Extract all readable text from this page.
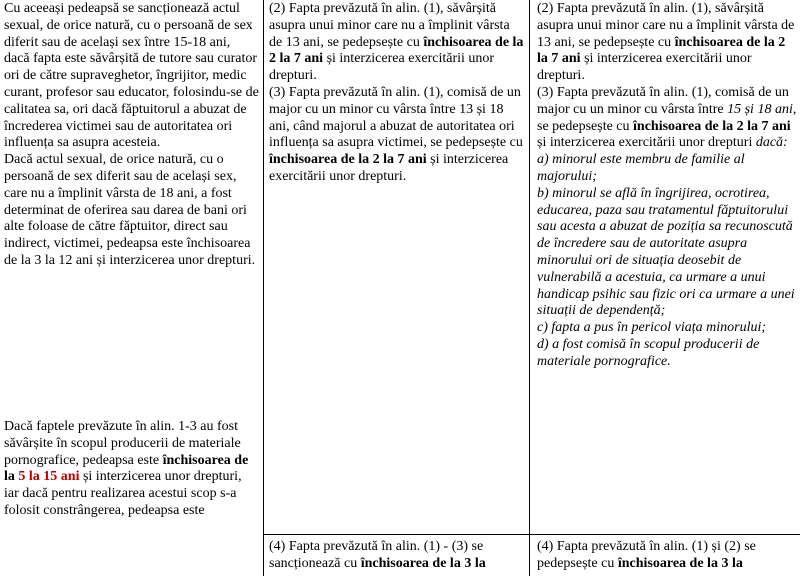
Cu aceeași pedeapsă se sancționează actul sexual, de orice natură, cu o persoană de sex diferit sau de același sex între 15-18 ani, dacă fapta este săvârșită de tutore sau curator ori de către supraveghetor, îngrijitor, medic curant, profesor sau educator, folosindu-se de calitatea sa, ori dacă făptuitorul a abuzat de încrederea victimei sau de autoritatea ori influența sa asupra acesteia.

Dacă actul sexual, de orice natură, cu o persoană de sex diferit sau de același sex, care nu a împlinit vârsta de 18 ani, a fost determinat de oferirea sau darea de bani ori alte foloase de către făptuitor, direct sau indirect, victimei, pedeapsa este închisoarea de la 3 la 12 ani și interzicerea unor drepturi.

Dacă faptele prevăzute în alin. 1-3 au fost săvârșite în scopul producerii de materiale pornografice, pedeapsa este închisoarea de la 5 la 15 ani și interzicerea unor drepturi, iar dacă pentru realizarea acestui scop s-a folosit constrângerea, pedeapsa este

(2) Fapta prevăzută în alin. (1), săvârșită asupra unui minor care nu a împlinit vârsta de 13 ani, se pedepsește cu închisoarea de la 2 la 7 ani și interzicerea exercitării unor drepturi.

(3) Fapta prevăzută în alin. (1), comisă de un major cu un minor cu vârsta între 13 și 18 ani, când majorul a abuzat de autoritatea ori influența sa asupra victimei, se pedepsește cu închisoarea de la 2 la 7 ani și interzicerea exercitării unor drepturi.

(4) Fapta prevăzută în alin. (1) - (3) se sancționează cu închisoarea de la 3 la

(2) Fapta prevăzută în alin. (1), săvârșită asupra unui minor care nu a împlinit vârsta de 13 ani, se pedepsește cu închisoarea de la 2 la 7 ani și interzicerea exercitării unor drepturi.

(3) Fapta prevăzută în alin. (1), comisă de un major cu un minor cu vârsta între 15 și 18 ani, se pedepsește cu închisoarea de la 2 la 7 ani și interzicerea exercitării unor drepturi dacă:

a) minorul este membru de familie al majorului;

b) minorul se află în îngrijirea, ocrotirea, educarea, paza sau tratamentul făptuitorului sau acesta a abuzat de poziția sa recunoscută de încredere sau de autoritate asupra minorului ori de situația deosebit de vulnerabilă a acestuia, ca urmare a unui handicap psihic sau fizic ori ca urmare a unei situații de dependență;

c) fapta a pus în pericol viața minorului;

d) a fost comisă în scopul producerii de materiale pornografice.

(4) Fapta prevăzută în alin. (1) și (2) se pedepsește cu închisoarea de la 3 la
